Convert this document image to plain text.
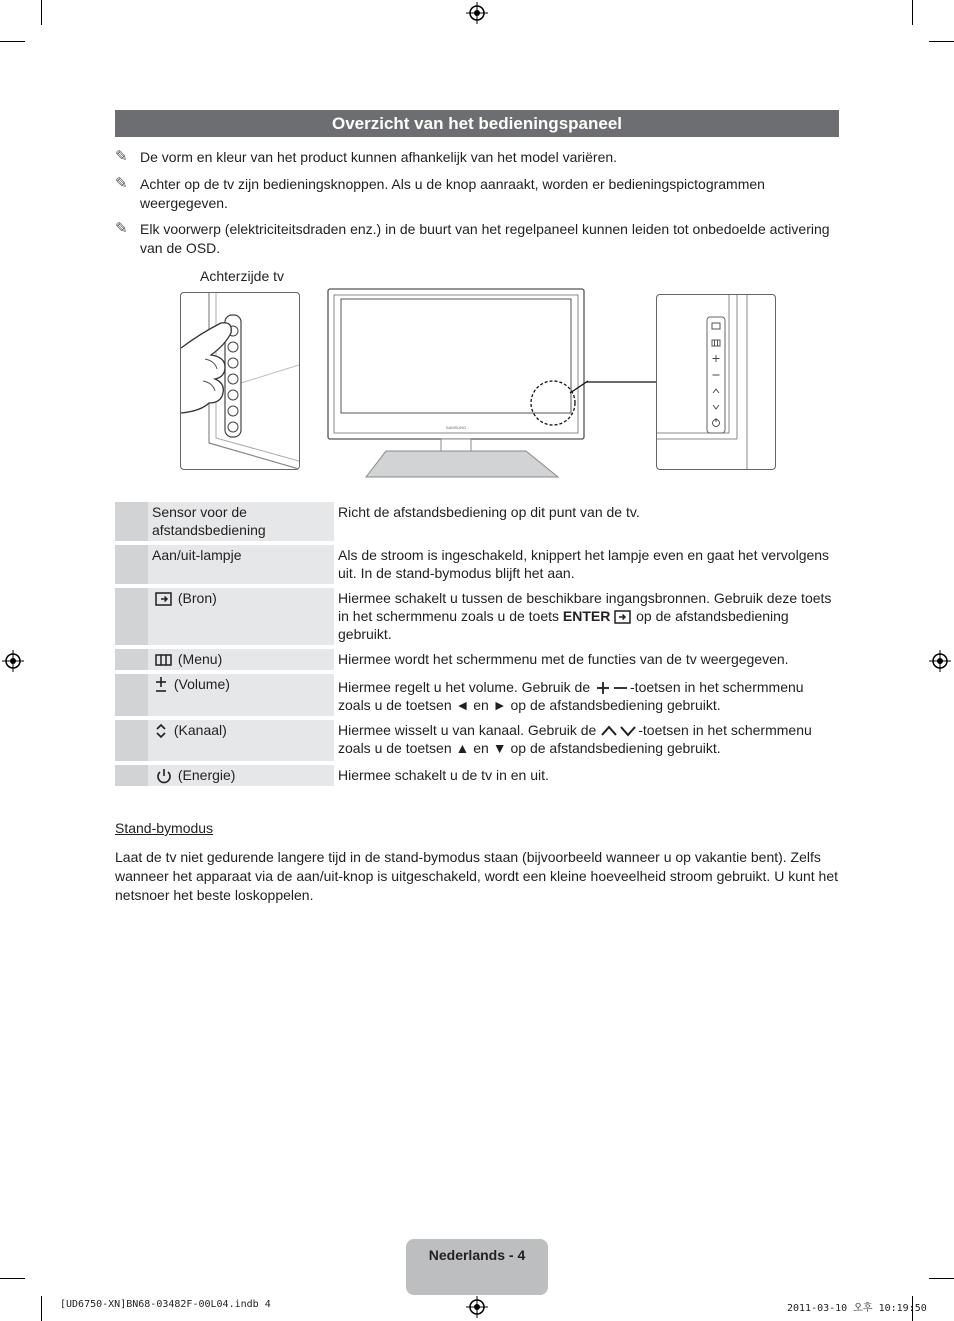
Overzicht van het bedieningspaneel
✎ De vorm en kleur van het product kunnen afhankelijk van het model variëren.
✎ Achter op de tv zijn bedieningsknoppen. Als u de knop aanraakt, worden er bedieningspictogrammen weergegeven.
✎ Elk voorwerp (elektriciteitsdraden enz.) in de buurt van het regelpaneel kunnen leiden tot onbedoelde activering van de OSD.
Achterzijde tv
SAMSUNG
	Sensor voor de afstandsbediening	Richt de afstandsbediening op dit punt van de tv.
	Aan/uit-lampje	Als de stroom is ingeschakeld, knippert het lampje even en gaat het vervolgens uit. In de stand-bymodus blijft het aan.
	(Bron)	Hiermee schakelt u tussen de beschikbare ingangsbronnen. Gebruik deze toets in het schermmenu zoals u de toets ENTER  op de afstandsbediening gebruikt.
	(Menu)	Hiermee wordt het schermmenu met de functies van de tv weergegeven.
	(Volume)	Hiermee regelt u het volume. Gebruik de -toetsen in het schermmenu zoals u de toetsen ◄ en ► op de afstandsbediening gebruikt.
	(Kanaal)	Hiermee wisselt u van kanaal. Gebruik de -toetsen in het schermmenu zoals u de toetsen ▲ en ▼ op de afstandsbediening gebruikt.
	(Energie)	Hiermee schakelt u de tv in en uit.
Stand-bymodus
Laat de tv niet gedurende langere tijd in de stand-bymodus staan (bijvoorbeeld wanneer u op vakantie bent). Zelfs wanneer het apparaat via de aan/uit-knop is uitgeschakeld, wordt een kleine hoeveelheid stroom gebruikt. U kunt het netsnoer het beste loskoppelen.
Nederlands - 4
[UD6750-XN]BN68-03482F-00L04.indb 4	2011-03-10 오후 10:19:50
